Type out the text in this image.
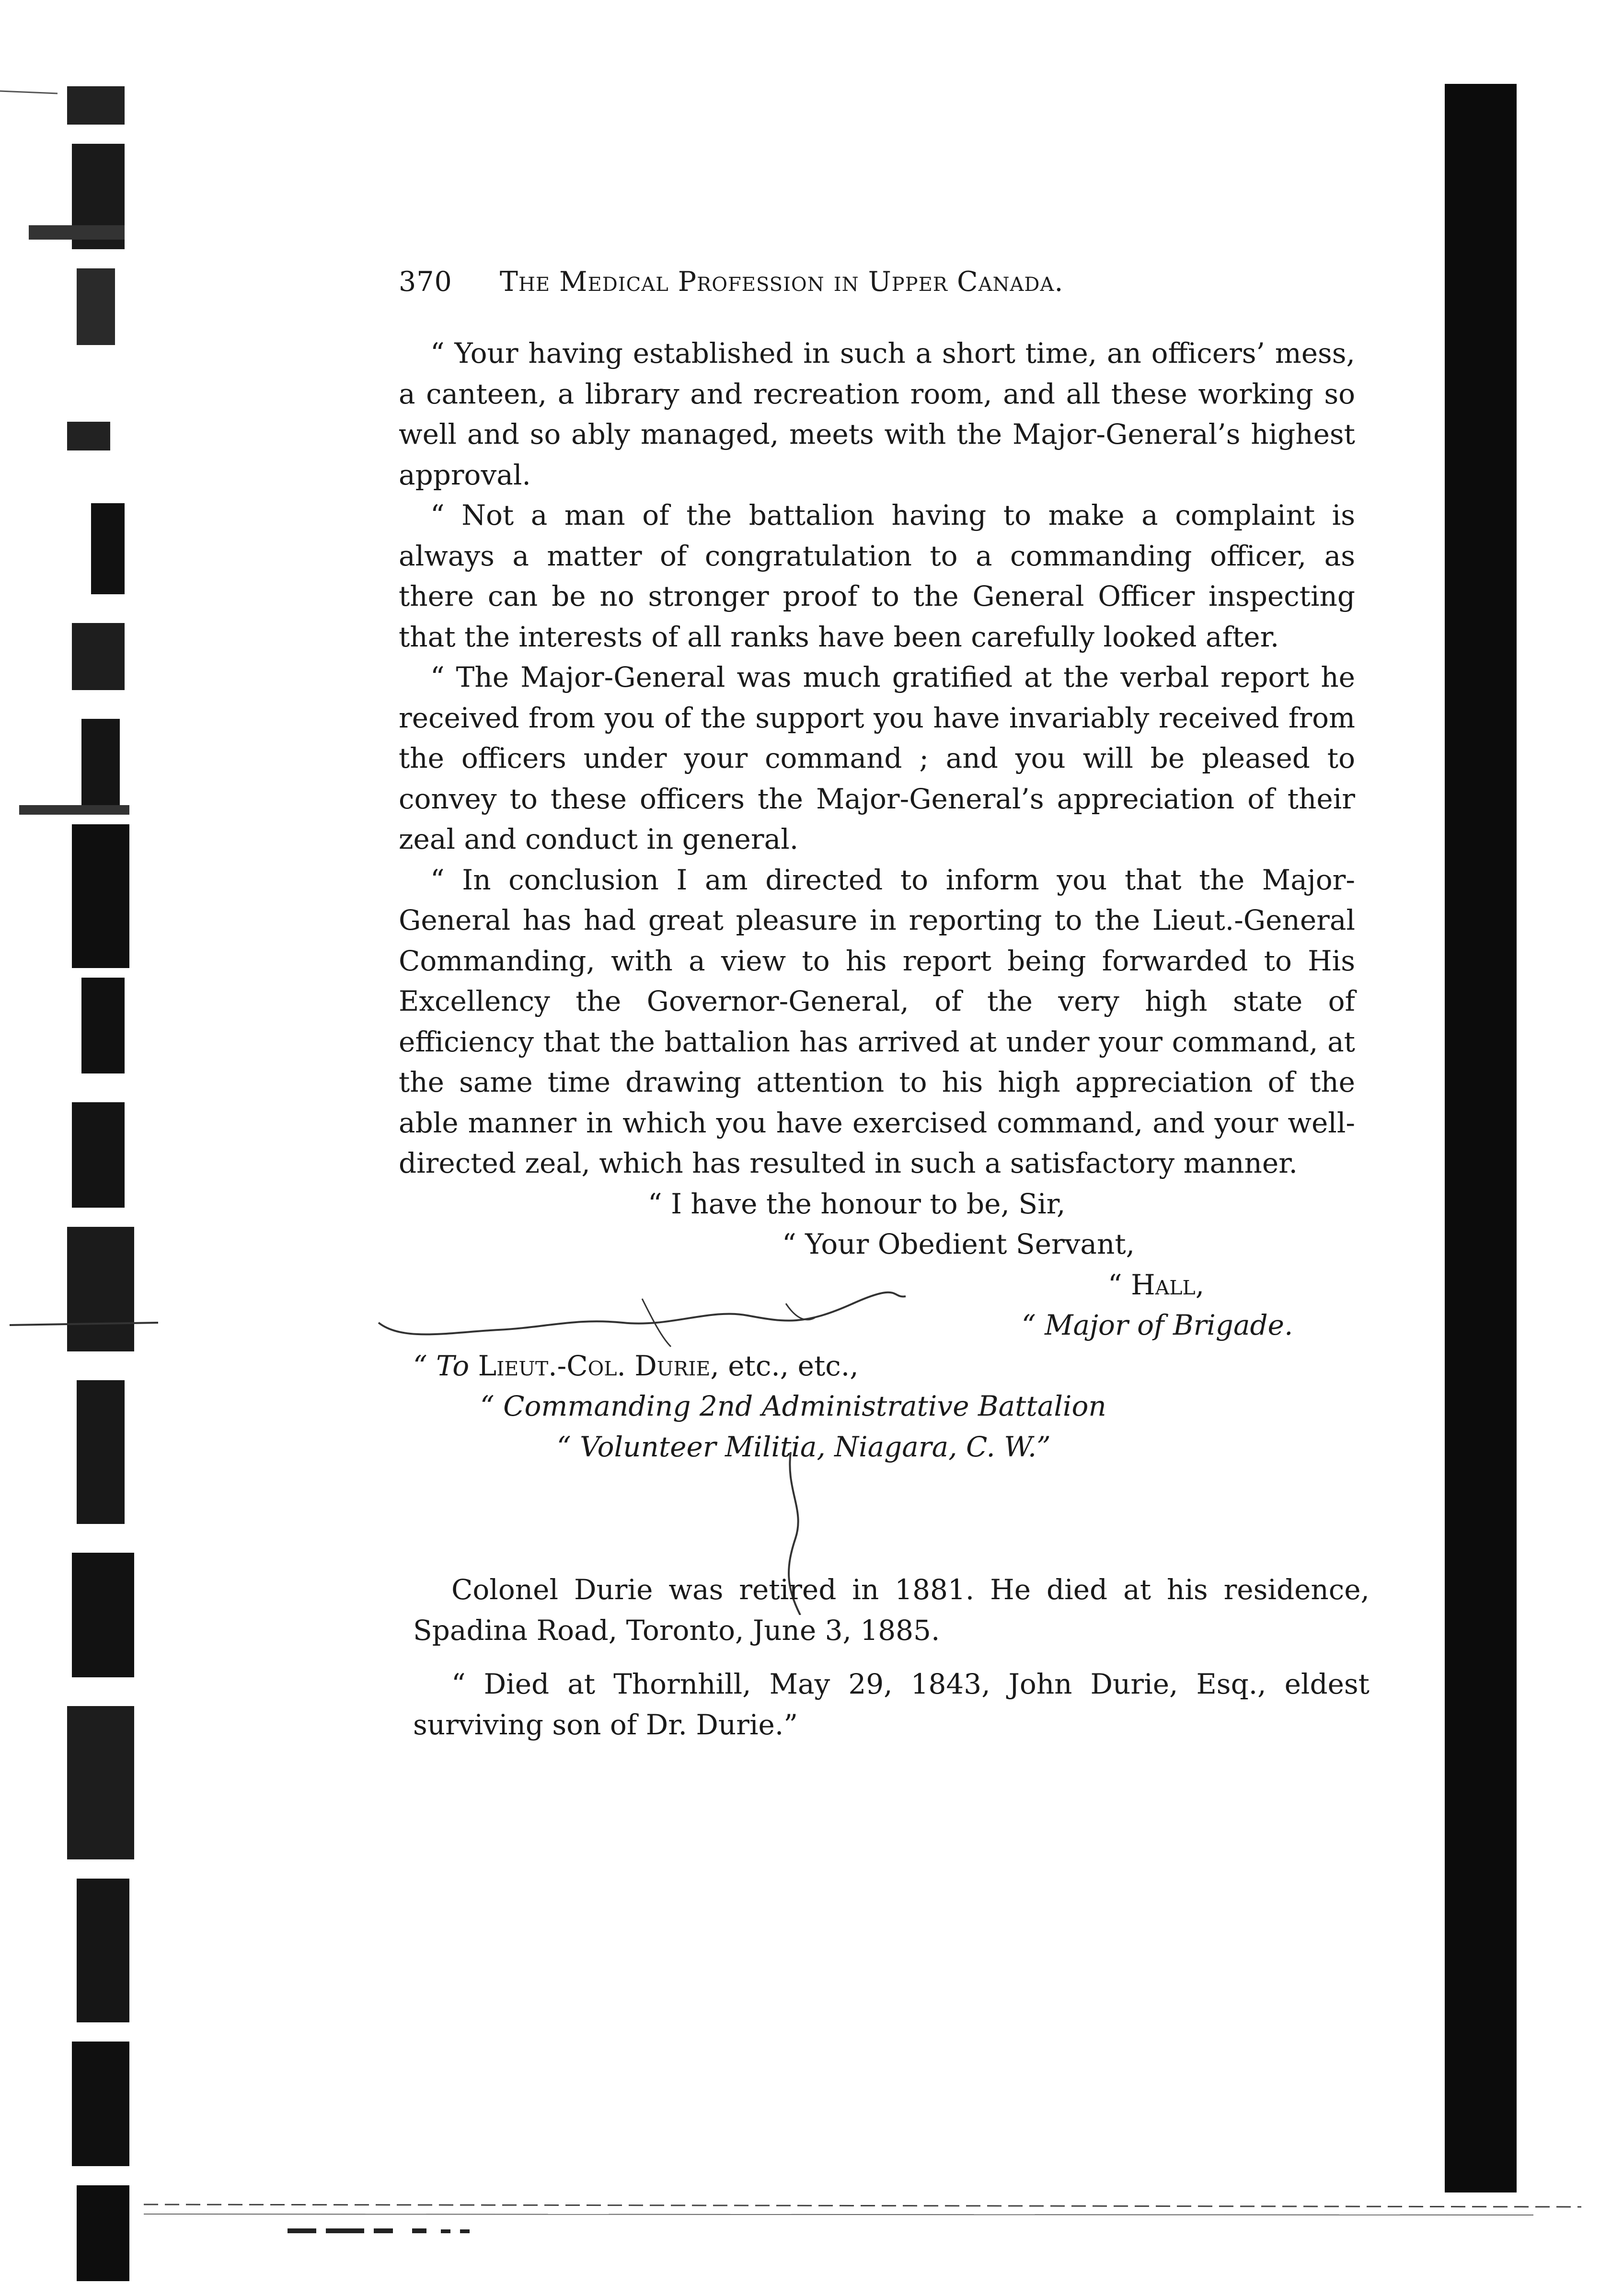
370 The Medical Profession in Upper Canada.

“ Your having established in such a short time, an officers’ mess, a canteen, a library and recreation room, and all these working so well and so ably managed, meets with the Major-General’s highest approval.

“ Not a man of the battalion having to make a complaint is always a matter of congratulation to a commanding officer, as there can be no stronger proof to the General Officer inspecting that the interests of all ranks have been carefully looked after.

“ The Major-General was much gratified at the verbal report he received from you of the support you have invariably received from the officers under your command ; and you will be pleased to convey to these officers the Major-General’s appreciation of their zeal and conduct in general.

“ In conclusion I am directed to inform you that the Major-General has had great pleasure in reporting to the Lieut.-General Commanding, with a view to his report being forwarded to His Excellency the Governor-General, of the very high state of efficiency that the battalion has arrived at under your command, at the same time drawing attention to his high appreciation of the able manner in which you have exercised command, and your well-directed zeal, which has resulted in such a satisfactory manner.

“ I have the honour to be, Sir,
“ Your Obedient Servant,
“ Hall,
“ Major of Brigade.
“ To Lieut.-Col. Durie, etc., etc.,
“ Commanding 2nd Administrative Battalion
“ Volunteer Militia, Niagara, C. W.”

Colonel Durie was retired in 1881. He died at his residence, Spadina Road, Toronto, June 3, 1885.

“ Died at Thornhill, May 29, 1843, John Durie, Esq., eldest surviving son of Dr. Durie.”
